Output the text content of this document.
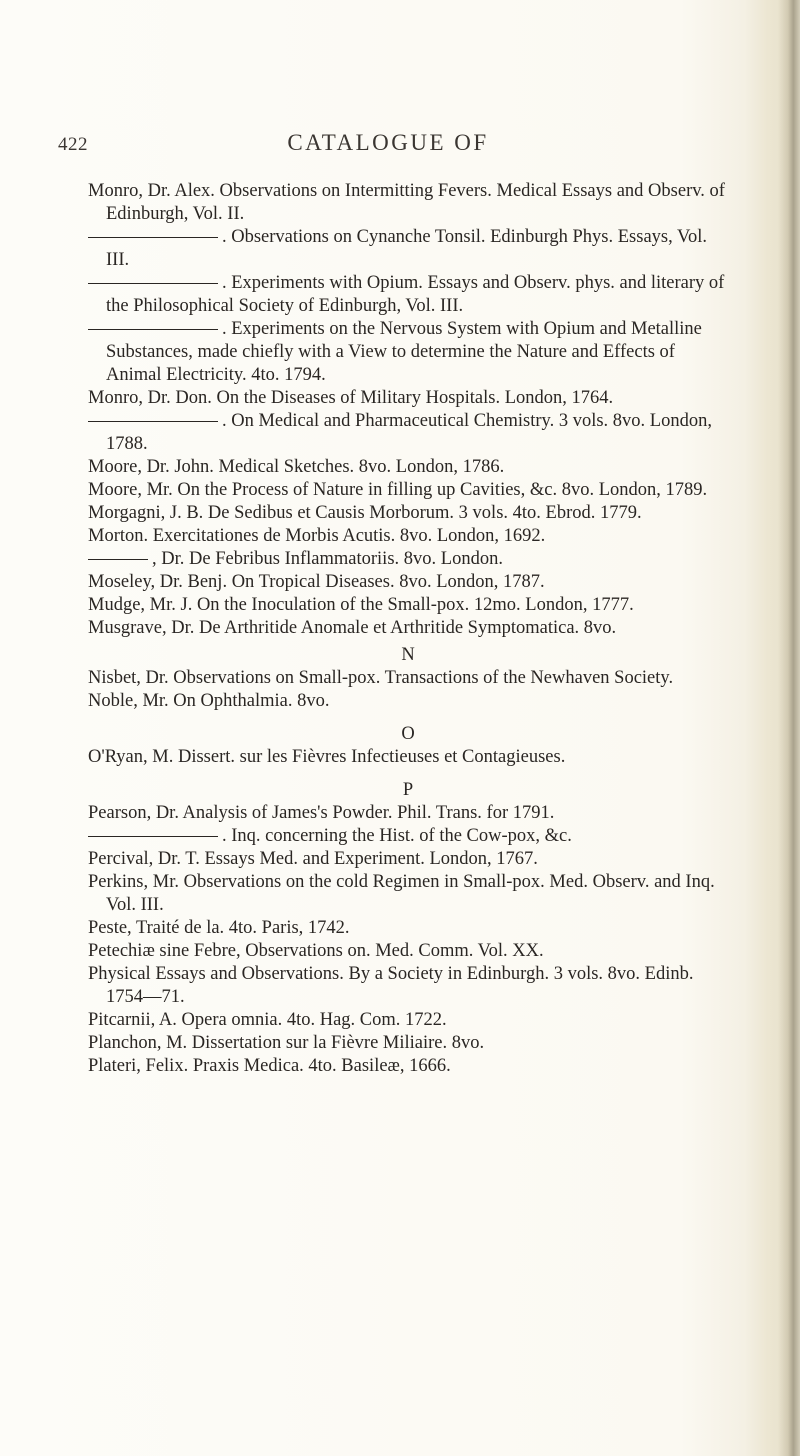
422	CATALOGUE OF

Monro, Dr. Alex. Observations on Intermitting Fevers. Medical Essays and Observ. of Edinburgh, Vol. II.

. Observations on Cynanche Tonsil. Edinburgh Phys. Essays, Vol. III.

. Experiments with Opium. Essays and Observ. phys. and literary of the Philosophical Society of Edinburgh, Vol. III.

. Experiments on the Nervous System with Opium and Metalline Substances, made chiefly with a View to determine the Nature and Effects of Animal Electricity. 4to. 1794.

Monro, Dr. Don. On the Diseases of Military Hospitals. London, 1764.

. On Medical and Pharmaceutical Chemistry. 3 vols. 8vo. London, 1788.

Moore, Dr. John. Medical Sketches. 8vo. London, 1786.

Moore, Mr. On the Process of Nature in filling up Cavities, &c. 8vo. London, 1789.

Morgagni, J. B. De Sedibus et Causis Morborum. 3 vols. 4to. Ebrod. 1779.

Morton. Exercitationes de Morbis Acutis. 8vo. London, 1692.

, Dr. De Febribus Inflammatoriis. 8vo. London.

Moseley, Dr. Benj. On Tropical Diseases. 8vo. London, 1787.

Mudge, Mr. J. On the Inoculation of the Small-pox. 12mo. London, 1777.

Musgrave, Dr. De Arthritide Anomale et Arthritide Symptomatica. 8vo.

N

Nisbet, Dr. Observations on Small-pox. Transactions of the Newhaven Society.

Noble, Mr. On Ophthalmia. 8vo.

O

O'Ryan, M. Dissert. sur les Fièvres Infectieuses et Contagieuses.

P

Pearson, Dr. Analysis of James's Powder. Phil. Trans. for 1791.

. Inq. concerning the Hist. of the Cow-pox, &c.

Percival, Dr. T. Essays Med. and Experiment. London, 1767.

Perkins, Mr. Observations on the cold Regimen in Small-pox. Med. Observ. and Inq. Vol. III.

Peste, Traité de la. 4to. Paris, 1742.

Petechiæ sine Febre, Observations on. Med. Comm. Vol. XX.

Physical Essays and Observations. By a Society in Edinburgh. 3 vols. 8vo. Edinb. 1754—71.

Pitcarnii, A. Opera omnia. 4to. Hag. Com. 1722.

Planchon, M. Dissertation sur la Fièvre Miliaire. 8vo.

Plateri, Felix. Praxis Medica. 4to. Basileæ, 1666.
